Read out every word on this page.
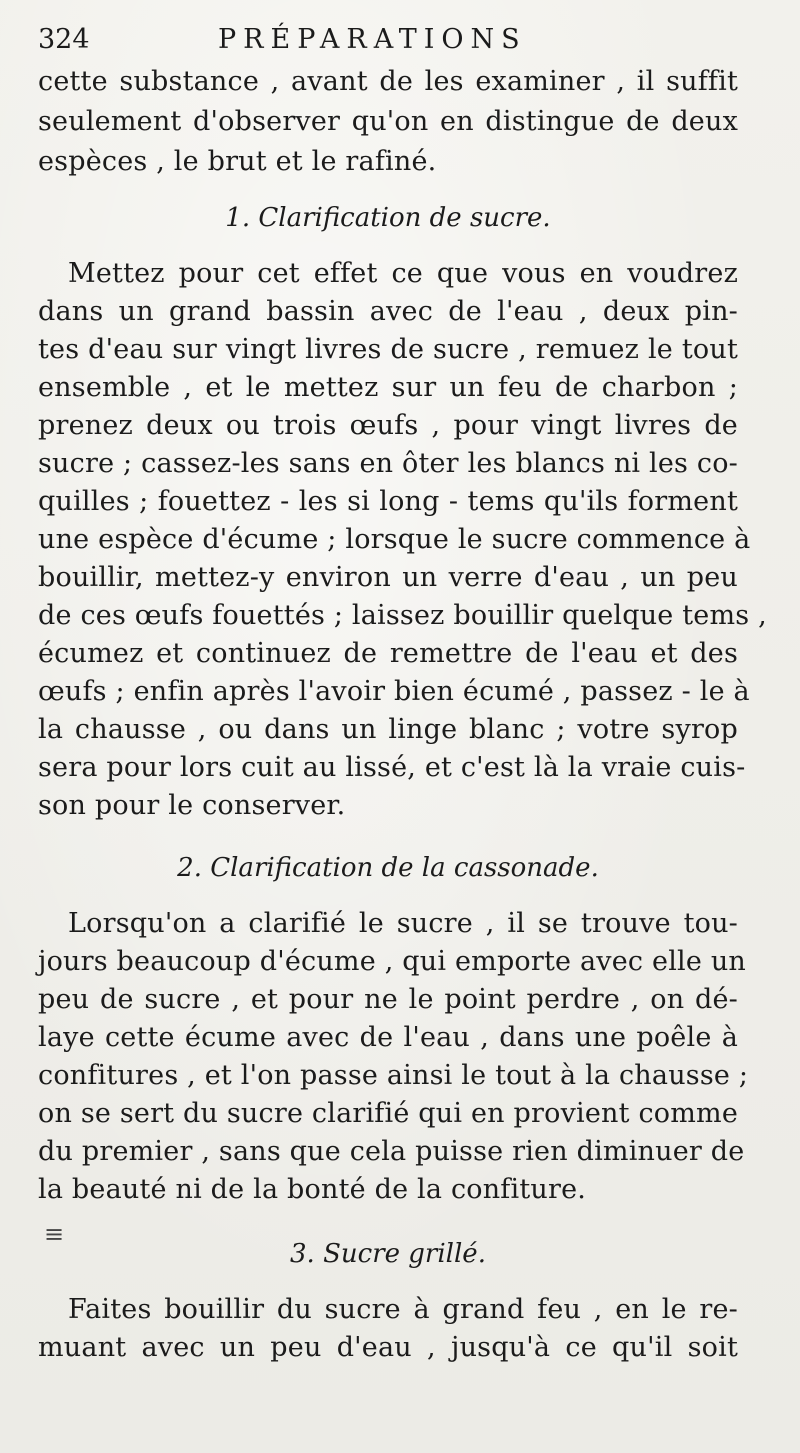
324	PRÉPARATIONS
cette substance , avant de les examiner , il suffit
seulement d'observer qu'on en distingue de deux
espèces , le brut et le rafiné.
1. Clarification de sucre.
Mettez pour cet effet ce que vous en voudrez
dans un grand bassin avec de l'eau , deux pin-
tes d'eau sur vingt livres de sucre , remuez le tout
ensemble , et le mettez sur un feu de charbon ;
prenez deux ou trois œufs , pour vingt livres de
sucre ; cassez-les sans en ôter les blancs ni les co-
quilles ; fouettez - les si long - tems qu'ils forment
une espèce d'écume ; lorsque le sucre commence à
bouillir, mettez-y environ un verre d'eau , un peu
de ces œufs fouettés ; laissez bouillir quelque tems ,
écumez et continuez de remettre de l'eau et des
œufs ; enfin après l'avoir bien écumé , passez - le à
la chausse , ou dans un linge blanc ; votre syrop
sera pour lors cuit au lissé, et c'est là la vraie cuis-
son pour le conserver.
2. Clarification de la cassonade.
Lorsqu'on a clarifié le sucre , il se trouve tou-
jours beaucoup d'écume , qui emporte avec elle un
peu de sucre , et pour ne le point perdre , on dé-
laye cette écume avec de l'eau , dans une poêle à
confitures , et l'on passe ainsi le tout à la chausse ;
on se sert du sucre clarifié qui en provient comme
du premier , sans que cela puisse rien diminuer de
la beauté ni de la bonté de la confiture.
≡
3. Sucre grillé.
Faites bouillir du sucre à grand feu , en le re-
muant avec un peu d'eau , jusqu'à ce qu'il soit
